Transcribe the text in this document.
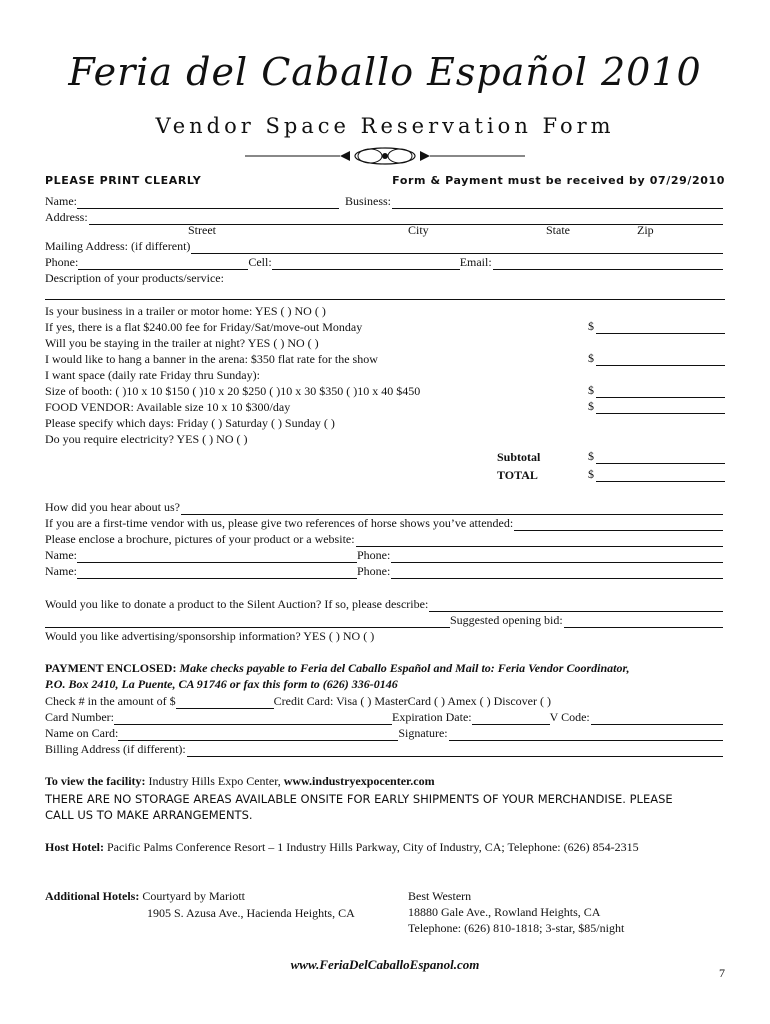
Feria del Caballo Español 2010
Vendor Space Reservation Form
PLEASE PRINT CLEARLY	Form & Payment must be received by 07/29/2010
Name:	Business:
Address:
Street	City	State	Zip
Mailing Address: (if different)
Phone:	Cell:	Email:
Description of your products/service:
Is your business in a trailer or motor home: YES ( ) NO ( )
If yes, there is a flat $240.00 fee for Friday/Sat/move-out Monday	$
Will you be staying in the trailer at night? YES ( ) NO ( )
I would like to hang a banner in the arena: $350 flat rate for the show	$
I want space (daily rate Friday thru Sunday):
Size of booth: ( )10 x 10 $150 ( )10 x 20 $250 ( )10 x 30 $350 ( )10 x 40 $450	$
FOOD VENDOR: Available size 10 x 10 $300/day	$
Please specify which days: Friday ( ) Saturday ( ) Sunday ( )
Do you require electricity? YES ( ) NO ( )
Subtotal	$
TOTAL	$
How did you hear about us?
If you are a first-time vendor with us, please give two references of horse shows you’ve attended:
Please enclose a brochure, pictures of your product or a website:
Name:	Phone:
Name:	Phone:
Would you like to donate a product to the Silent Auction? If so, please describe:
Suggested opening bid:
Would you like advertising/sponsorship information? YES ( ) NO ( )
PAYMENT ENCLOSED: Make checks payable to Feria del Caballo Español and Mail to: Feria Vendor Coordinator,
P.O. Box 2410, La Puente, CA 91746 or fax this form to (626) 336-0146
Check # in the amount of $	Credit Card: Visa ( ) MasterCard ( ) Amex ( ) Discover ( )
Card Number:	Expiration Date:	V Code:
Name on Card:	Signature:
Billing Address (if different):
To view the facility: Industry Hills Expo Center, www.industryexpocenter.com
THERE ARE NO STORAGE AREAS AVAILABLE ONSITE FOR EARLY SHIPMENTS OF YOUR MERCHANDISE. PLEASE
CALL US TO MAKE ARRANGEMENTS.
Host Hotel: Pacific Palms Conference Resort – 1 Industry Hills Parkway, City of Industry, CA; Telephone: (626) 854-2315
Additional Hotels: Courtyard by Mariott
1905 S. Azusa Ave., Hacienda Heights, CA
Best Western
18880 Gale Ave., Rowland Heights, CA
Telephone: (626) 810-1818; 3-star, $85/night
www.FeriaDelCaballoEspanol.com
7
